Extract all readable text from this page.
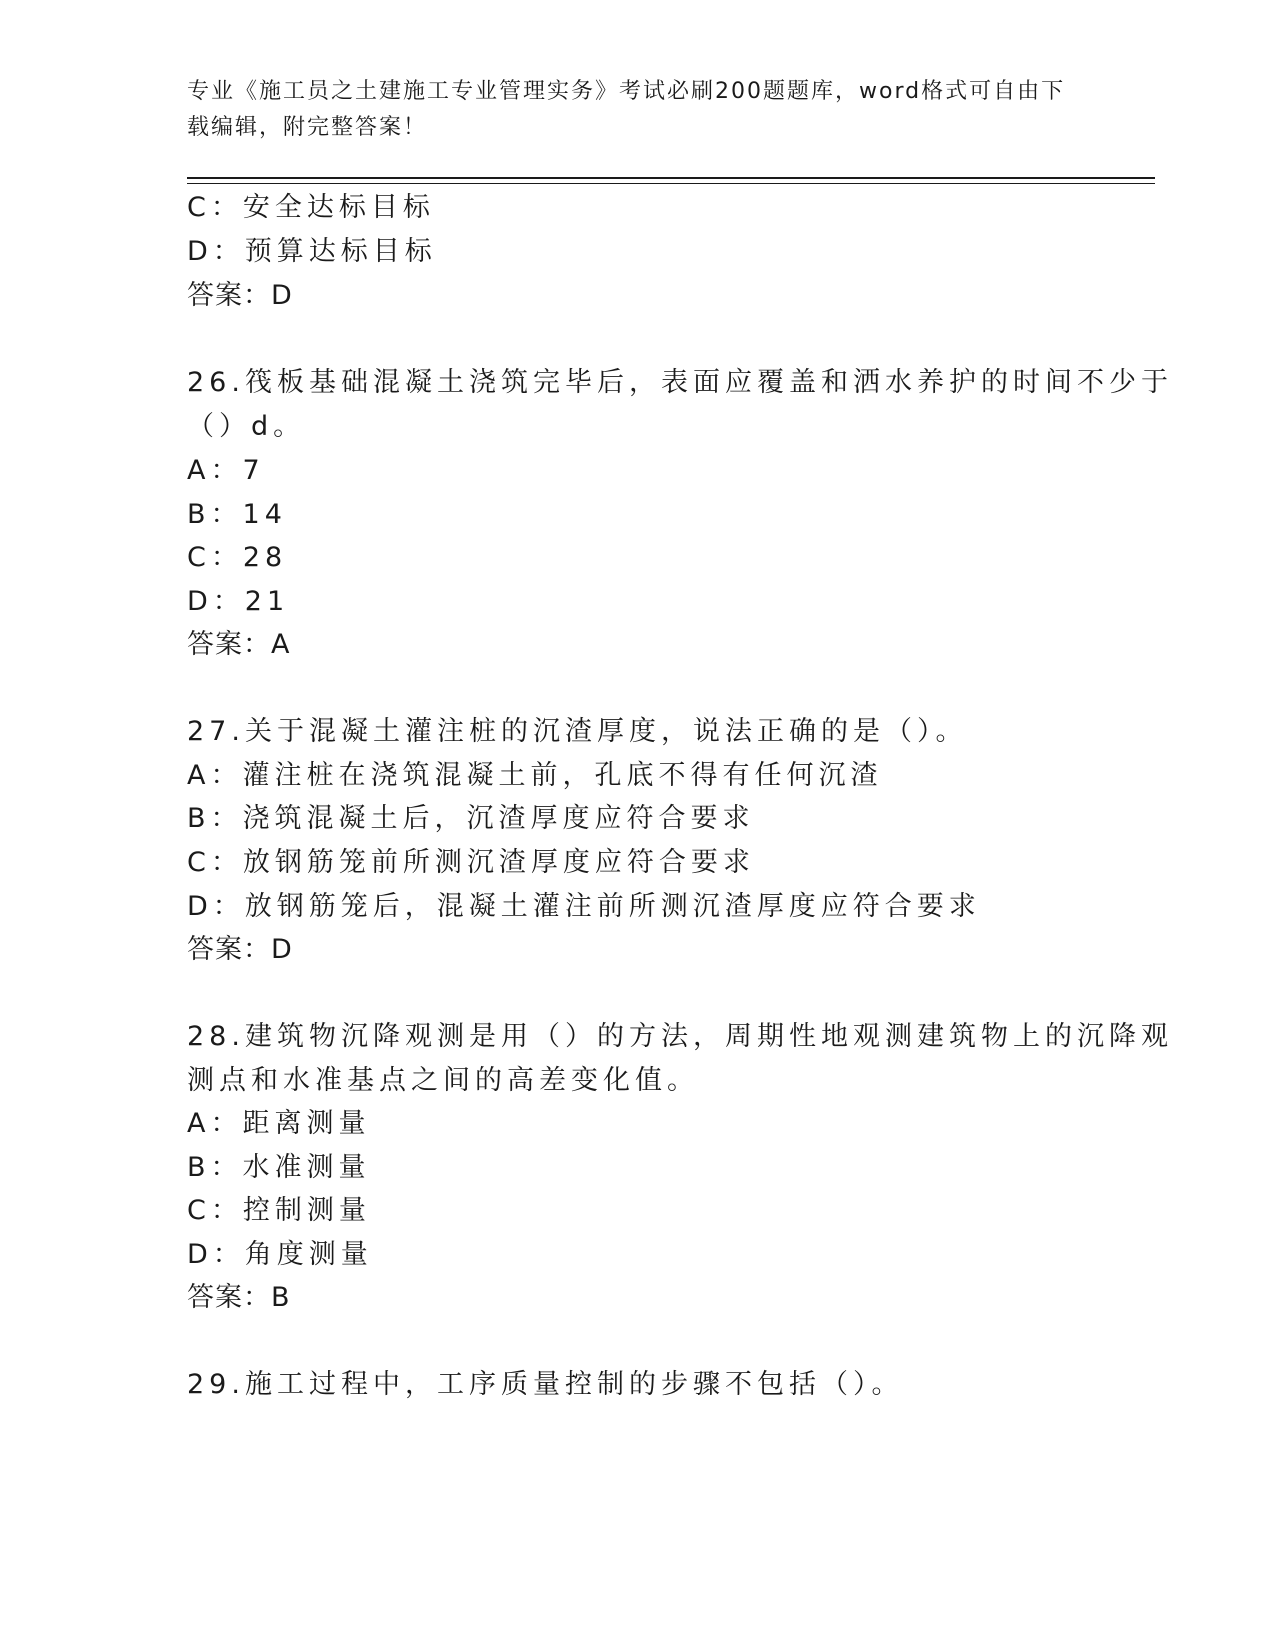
专业《施工员之土建施工专业管理实务》考试必刷200题题库，word格式可自由下载编辑，附完整答案！
C：安全达标目标
D：预算达标目标
答案：D
26.筏板基础混凝土浇筑完毕后，表面应覆盖和洒水养护的时间不少于
（）d。
A：7
B：14
C：28
D：21
答案：A
27.关于混凝土灌注桩的沉渣厚度，说法正确的是（）。
A：灌注桩在浇筑混凝土前，孔底不得有任何沉渣
B：浇筑混凝土后，沉渣厚度应符合要求
C：放钢筋笼前所测沉渣厚度应符合要求
D：放钢筋笼后，混凝土灌注前所测沉渣厚度应符合要求
答案：D
28.建筑物沉降观测是用（）的方法，周期性地观测建筑物上的沉降观
测点和水准基点之间的高差变化值。
A：距离测量
B：水准测量
C：控制测量
D：角度测量
答案：B
29.施工过程中，工序质量控制的步骤不包括（）。
